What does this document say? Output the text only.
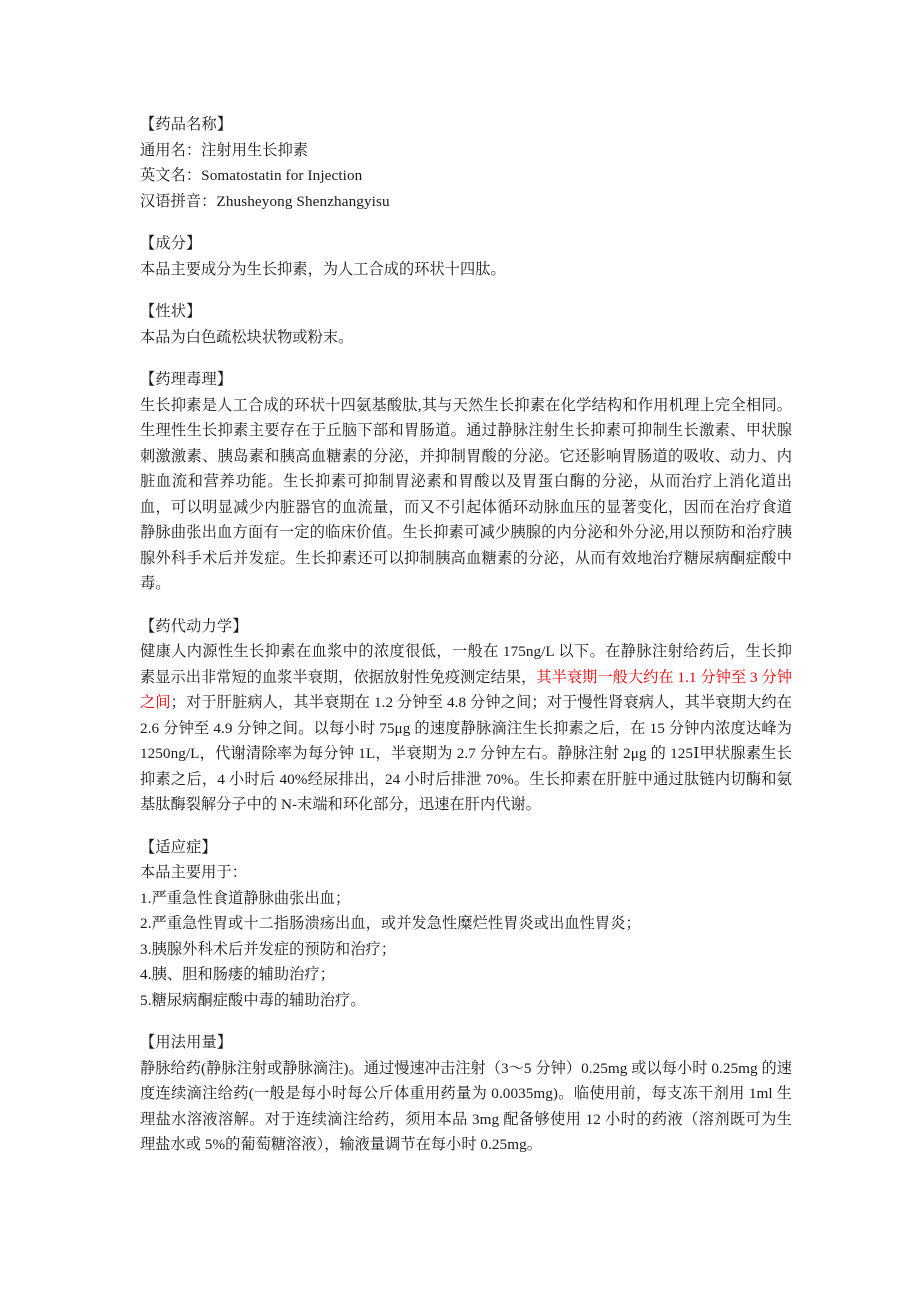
【药品名称】
通用名：注射用生长抑素
英文名：Somatostatin for Injection
汉语拼音：Zhusheyong Shenzhangyisu
【成分】
本品主要成分为生长抑素，为人工合成的环状十四肽。
【性状】
本品为白色疏松块状物或粉末。
【药理毒理】
生长抑素是人工合成的环状十四氨基酸肽,其与天然生长抑素在化学结构和作用机理上完全相同。生理性生长抑素主要存在于丘脑下部和胃肠道。通过静脉注射生长抑素可抑制生长激素、甲状腺刺激激素、胰岛素和胰高血糖素的分泌，并抑制胃酸的分泌。它还影响胃肠道的吸收、动力、内脏血流和营养功能。生长抑素可抑制胃泌素和胃酸以及胃蛋白酶的分泌，从而治疗上消化道出血，可以明显减少内脏器官的血流量，而又不引起体循环动脉血压的显著变化，因而在治疗食道静脉曲张出血方面有一定的临床价值。生长抑素可减少胰腺的内分泌和外分泌,用以预防和治疗胰腺外科手术后并发症。生长抑素还可以抑制胰高血糖素的分泌，从而有效地治疗糖尿病酮症酸中毒。
【药代动力学】
健康人内源性生长抑素在血浆中的浓度很低，一般在 175ng/L 以下。在静脉注射给药后，生长抑素显示出非常短的血浆半衰期，依据放射性免疫测定结果，其半衰期一般大约在 1.1 分钟至 3 分钟之间；对于肝脏病人，其半衰期在 1.2 分钟至 4.8 分钟之间；对于慢性肾衰病人，其半衰期大约在 2.6 分钟至 4.9 分钟之间。以每小时 75μg 的速度静脉滴注生长抑素之后，在 15 分钟内浓度达峰为 1250ng/L，代谢清除率为每分钟 1L，半衰期为 2.7 分钟左右。静脉注射 2μg 的 125Ⅰ甲状腺素生长抑素之后，4 小时后 40%经尿排出，24 小时后排泄 70%。生长抑素在肝脏中通过肽链内切酶和氨基肽酶裂解分子中的 N-末端和环化部分，迅速在肝内代谢。
【适应症】
本品主要用于：
1.严重急性食道静脉曲张出血；
2.严重急性胃或十二指肠溃疡出血，或并发急性糜烂性胃炎或出血性胃炎；
3.胰腺外科术后并发症的预防和治疗；
4.胰、胆和肠瘘的辅助治疗；
5.糖尿病酮症酸中毒的辅助治疗。
【用法用量】
静脉给药(静脉注射或静脉滴注)。通过慢速冲击注射（3～5 分钟）0.25mg 或以每小时 0.25mg 的速度连续滴注给药(一般是每小时每公斤体重用药量为 0.0035mg)。临使用前，每支冻干剂用 1ml 生理盐水溶液溶解。对于连续滴注给药，须用本品 3mg 配备够使用 12 小时的药液（溶剂既可为生理盐水或 5%的葡萄糖溶液），输液量调节在每小时 0.25mg。
